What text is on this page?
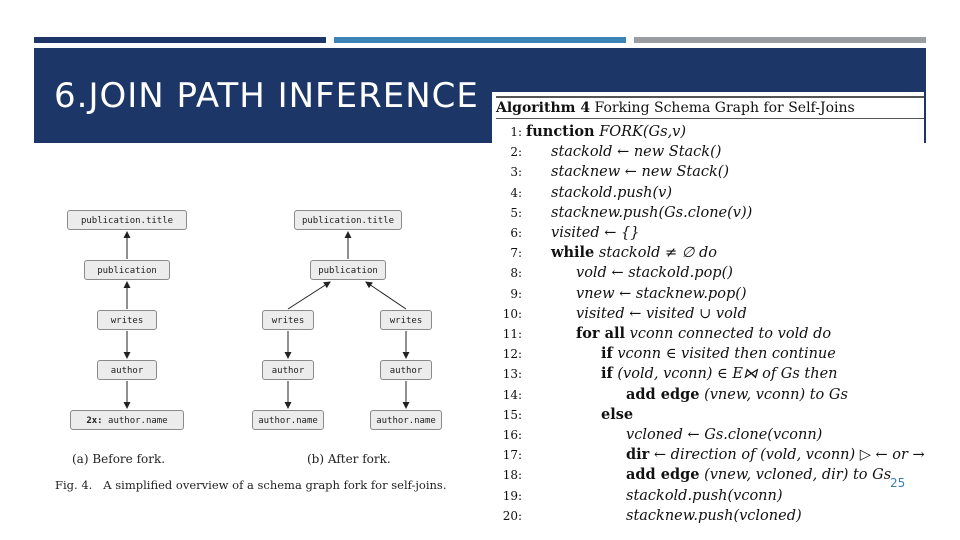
6.JOIN PATH INFERENCE
publication.title
publication
writes
author
2x: author.name
publication.title
publication
writes	writes
author	author
author.name	author.name
(a) Before fork.	(b) After fork.
Fig. 4. A simplified overview of a schema graph fork for self-joins.
Algorithm 4 Forking Schema Graph for Self-Joins
1: function FORK(Gs,v)
2: stackold ← new Stack()
3: stacknew ← new Stack()
4: stackold.push(v)
5: stacknew.push(Gs.clone(v))
6: visited ← {}
7: while stackold ≠ ∅ do
8:	vold ← stackold.pop()
9:	vnew ← stacknew.pop()
10:	visited ← visited ∪ vold
11:	for all vconn connected to vold do
12:	if vconn ∈ visited then continue
13:	if (vold, vconn) ∈ E⋈ of Gs then
14:	add edge (vnew, vconn) to Gs
15:	else
16:	vcloned ← Gs.clone(vconn)
17:	dir ← direction of (vold, vconn) ▷ ← or →
18:	add edge (vnew, vcloned, dir) to Gs
19:	stackold.push(vconn)
20:	stacknew.push(vcloned)
25
